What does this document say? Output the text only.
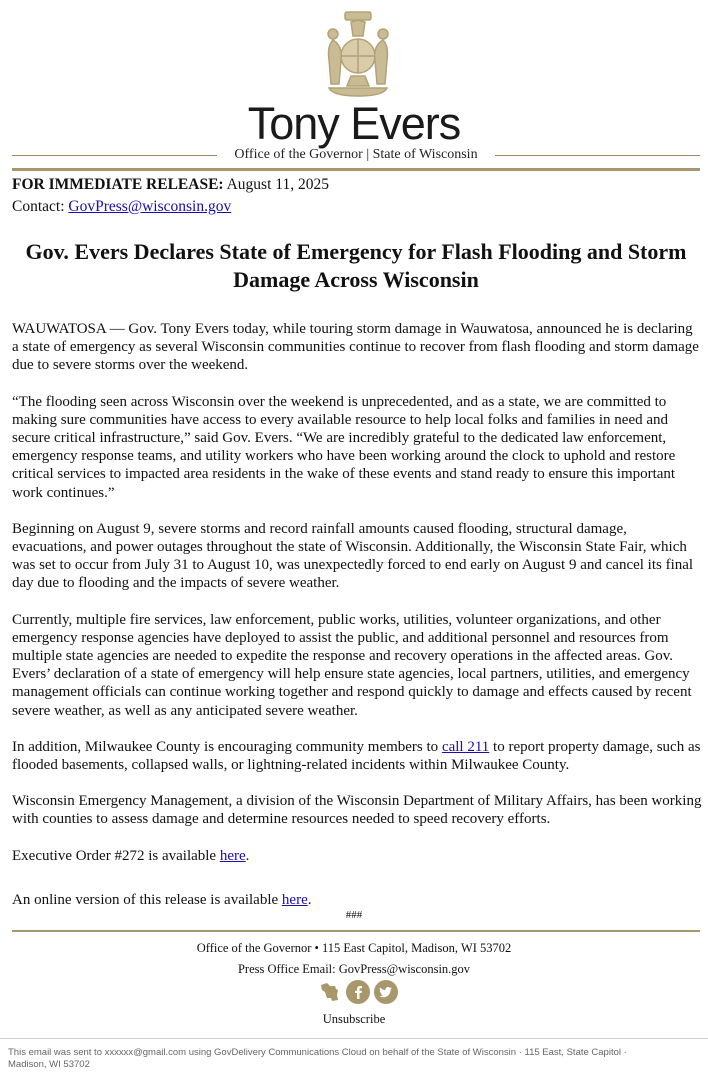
Tony Evers
Office of the Governor | State of Wisconsin
FOR IMMEDIATE RELEASE: August 11, 2025
Contact: GovPress@wisconsin.gov
Gov. Evers Declares State of Emergency for Flash Flooding and Storm Damage Across Wisconsin

WAUWATOSA — Gov. Tony Evers today, while touring storm damage in Wauwatosa, announced he is declaring a state of emergency as several Wisconsin communities continue to recover from flash flooding and storm damage due to severe storms over the weekend.

“The flooding seen across Wisconsin over the weekend is unprecedented, and as a state, we are committed to making sure communities have access to every available resource to help local folks and families in need and secure critical infrastructure,” said Gov. Evers. “We are incredibly grateful to the dedicated law enforcement, emergency response teams, and utility workers who have been working around the clock to uphold and restore critical services to impacted area residents in the wake of these events and stand ready to ensure this important work continues.”

Beginning on August 9, severe storms and record rainfall amounts caused flooding, structural damage, evacuations, and power outages throughout the state of Wisconsin. Additionally, the Wisconsin State Fair, which was set to occur from July 31 to August 10, was unexpectedly forced to end early on August 9 and cancel its final day due to flooding and the impacts of severe weather.

Currently, multiple fire services, law enforcement, public works, utilities, volunteer organizations, and other emergency response agencies have deployed to assist the public, and additional personnel and resources from multiple state agencies are needed to expedite the response and recovery operations in the affected areas. Gov. Evers’ declaration of a state of emergency will help ensure state agencies, local partners, utilities, and emergency management officials can continue working together and respond quickly to damage and effects caused by recent severe weather, as well as any anticipated severe weather.

In addition, Milwaukee County is encouraging community members to call 211 to report property damage, such as flooded basements, collapsed walls, or lightning-related incidents within Milwaukee County.

Wisconsin Emergency Management, a division of the Wisconsin Department of Military Affairs, has been working with counties to assess damage and determine resources needed to speed recovery efforts.

Executive Order #272 is available here.

An online version of this release is available here.

###
Office of the Governor • 115 East Capitol, Madison, WI 53702
Press Office Email: GovPress@wisconsin.gov
Unsubscribe
This email was sent to xxxxxx@gmail.com using GovDelivery Communications Cloud on behalf of the State of Wisconsin · 115 East, State Capitol · Madison, WI 53702
